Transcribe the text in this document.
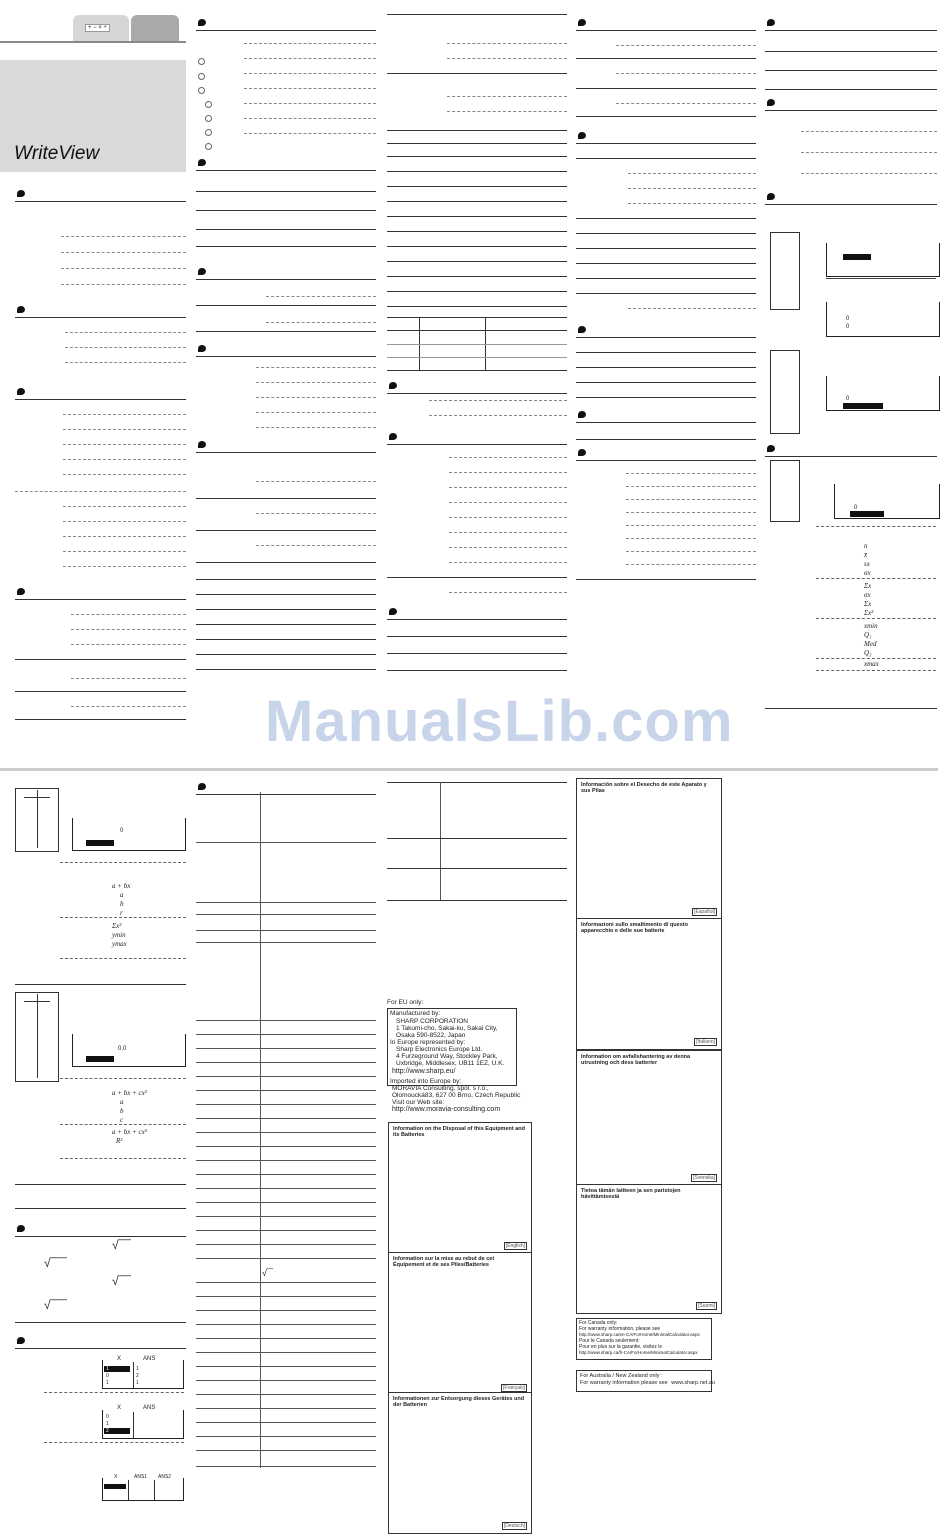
+ − × ÷
WriteView
0
0
0
0
n
x̄
sx
σx
Σx
σx
Σx
Σx²
xmin
Q₁
Med
Q₃
xmax
ManualsLib.com
0
a + bx
a
b
r
Σx²
ymin
ymax
0.0
a + bx + cx²
a
b
c
a + bx + cx²
R²
√‾‾‾‾
√‾‾‾
√‾‾‾
√‾‾‾‾
X	ANS
1
0
1
1
2
1
X	ANS
0
1
2
X	ANS1 ANS2
√‾‾
For EU only:
Manufactured by:
SHARP CORPORATION
1 Takumi-cho, Sakai-ku, Sakai City,
Osaka 590-8522, Japan
In Europe represented by:
Sharp Electronics Europe Ltd.
4 Furzeground Way, Stockley Park,
Uxbridge, Middlesex, UB11 1EZ, U.K.
http://www.sharp.eu/
Imported into Europe by:
MORAVIA Consulting, spol. s r.o.,
Olomoucká83, 627 00 Brno, Czech Republic
Visit our Web site:
http://www.moravia-consulting.com
Information on the Disposal of this Equipment and its Batteries
[English]
Information sur la mise au rebut de cet Équipement et de ses Piles/Batteries
[Français]
Informationen zur Entsorgung dieses Gerätes und der Batterien
[Deutsch]
Información sobre el Desecho de este Aparato y sus Pilas
[Español]
Informazioni sullo smaltimento di questo apparecchio e delle sue batterie
[Italiano]
Information om avfallshantering av denna utrustning och dess batterier
[Svenska]
Tietoa tämän laitteen ja sen paristojen hävittämisestä
[Suomi]
For Canada only:
For warranty information, please see
http://www.sharp.ca/en-CA/ForHome/MinimalCalculator.aspx
Pour le Canada seulement:
Pour en plus sur la garantie, visitez le
http://www.sharp.ca/fr-CA/ForHome/MinimalCalculator.aspx
For Australia / New Zealand only :
For warranty information please see www.sharp.net.au
